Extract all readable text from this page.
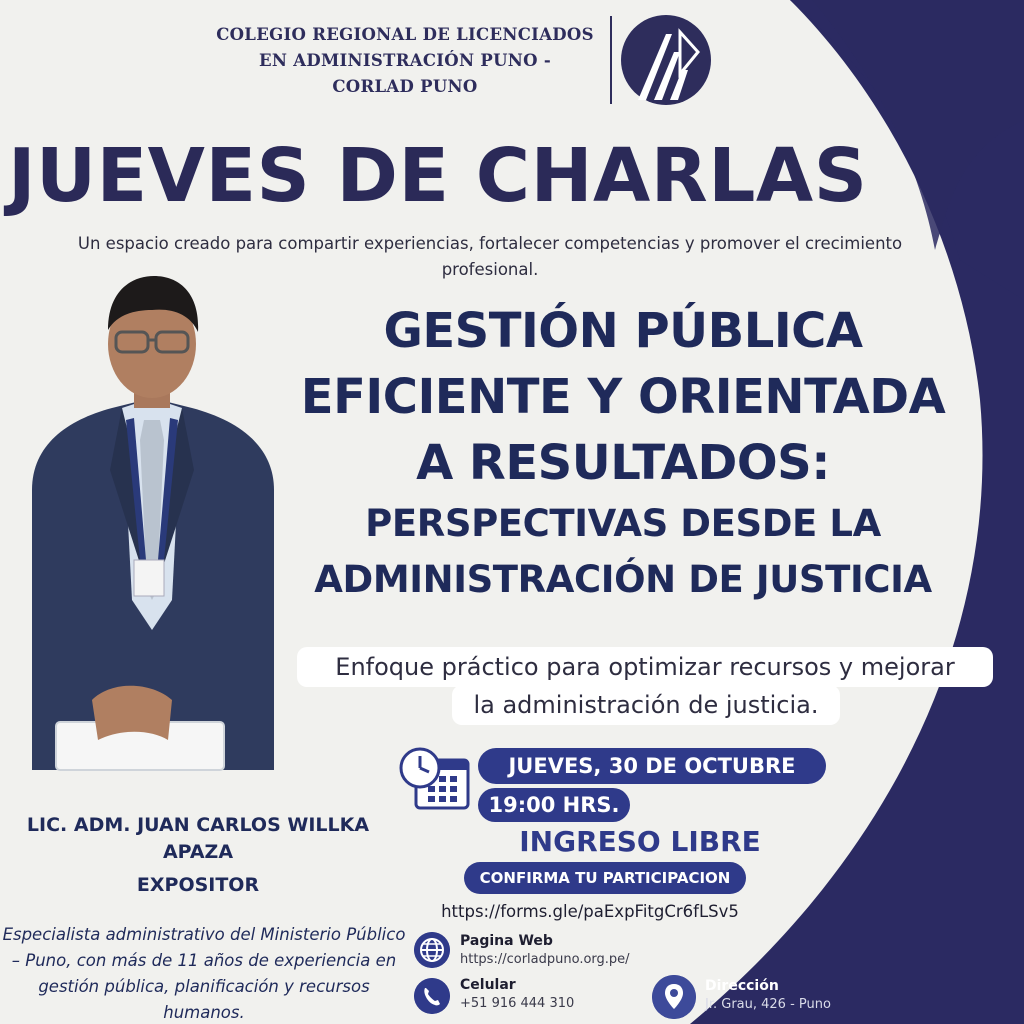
COLEGIO REGIONAL DE LICENCIADOS
EN ADMINISTRACIÓN PUNO -
CORLAD PUNO
JUEVES DE CHARLAS
Un espacio creado para compartir experiencias, fortalecer competencias y promover el crecimiento profesional.
GESTIÓN PÚBLICA
EFICIENTE Y ORIENTADA
A RESULTADOS:
PERSPECTIVAS DESDE LA
ADMINISTRACIÓN DE JUSTICIA
Enfoque práctico para optimizar recursos y mejorar
la administración de justicia.
JUEVES, 30 DE OCTUBRE
19:00 HRS.
INGRESO LIBRE
CONFIRMA TU PARTICIPACION
https://forms.gle/paExpFitgCr6fLSv5
Pagina Web
https://corladpuno.org.pe/
Celular
+51 916 444 310
Dirección
Jr. Grau, 426 - Puno
LIC. ADM. JUAN CARLOS WILLKA
APAZA
EXPOSITOR
Especialista administrativo del Ministerio Público – Puno, con más de 11 años de experiencia en gestión pública, planificación y recursos humanos.
